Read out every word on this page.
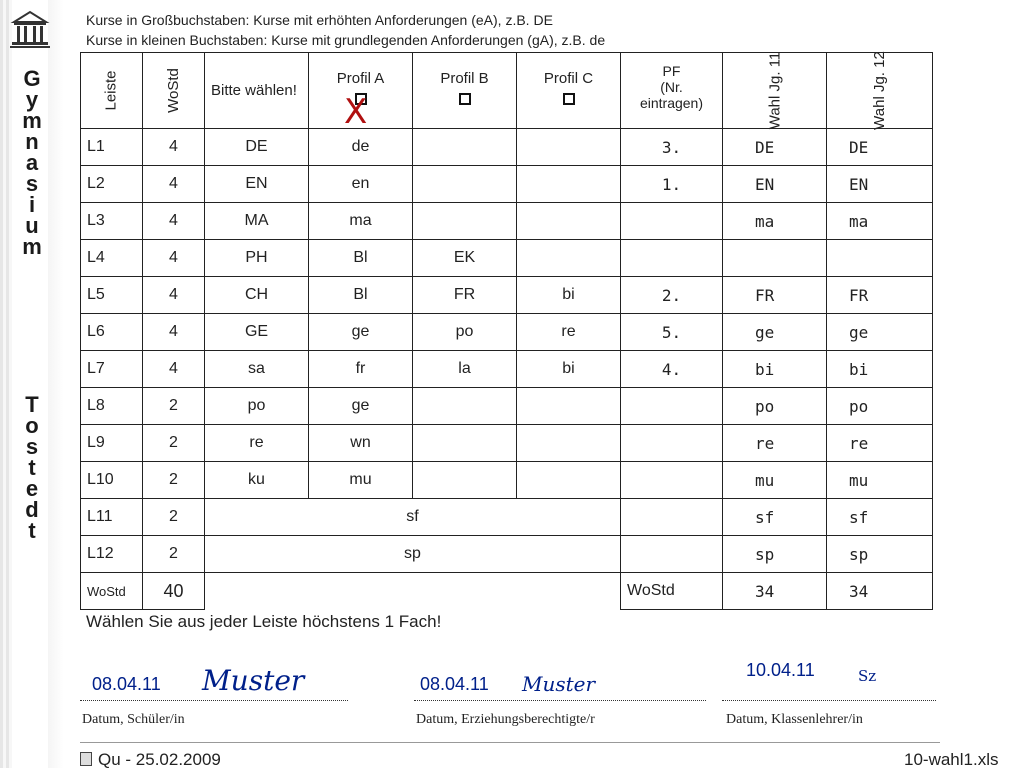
G
y
m
n
a
s
i
u
m
T
o
s
t
e
d
t
Kurse in Großbuchstaben: Kurse mit erhöhten Anforderungen (eA), z.B. DE
Kurse in kleinen Buchstaben: Kurse mit grundlegenden Anforderungen (gA), z.B. de
Leiste	WoStd	Bitte wählen!	Profil A	Profil B	Profil C	PF
(Nr.
eintragen)	Wahl Jg. 11	Wahl Jg. 12
L1	4	DE	de			3.	DE	DE
L2	4	EN	en			1.	EN	EN
L3	4	MA	ma				ma	ma
L4	4	PH	Bl	EK				
L5	4	CH	Bl	FR	bi	2.	FR	FR
L6	4	GE	ge	po	re	5.	ge	ge
L7	4	sa	fr	la	bi	4.	bi	bi
L8	2	po	ge				po	po
L9	2	re	wn				re	re
L10	2	ku	mu				mu	mu
L11	2	sf					sf	sf
L12	2	sp					sp	sp
WoStd	40					WoStd	34	34
X
Wählen Sie aus jeder Leiste höchstens 1 Fach!
08.04.11 Muster
Datum, Schüler/in
08.04.11 Muster
Datum, Erziehungsberechtigte/r
10.04.11	Sz
Datum, Klassenlehrer/in
Qu - 25.02.2009	10-wahl1.xls
